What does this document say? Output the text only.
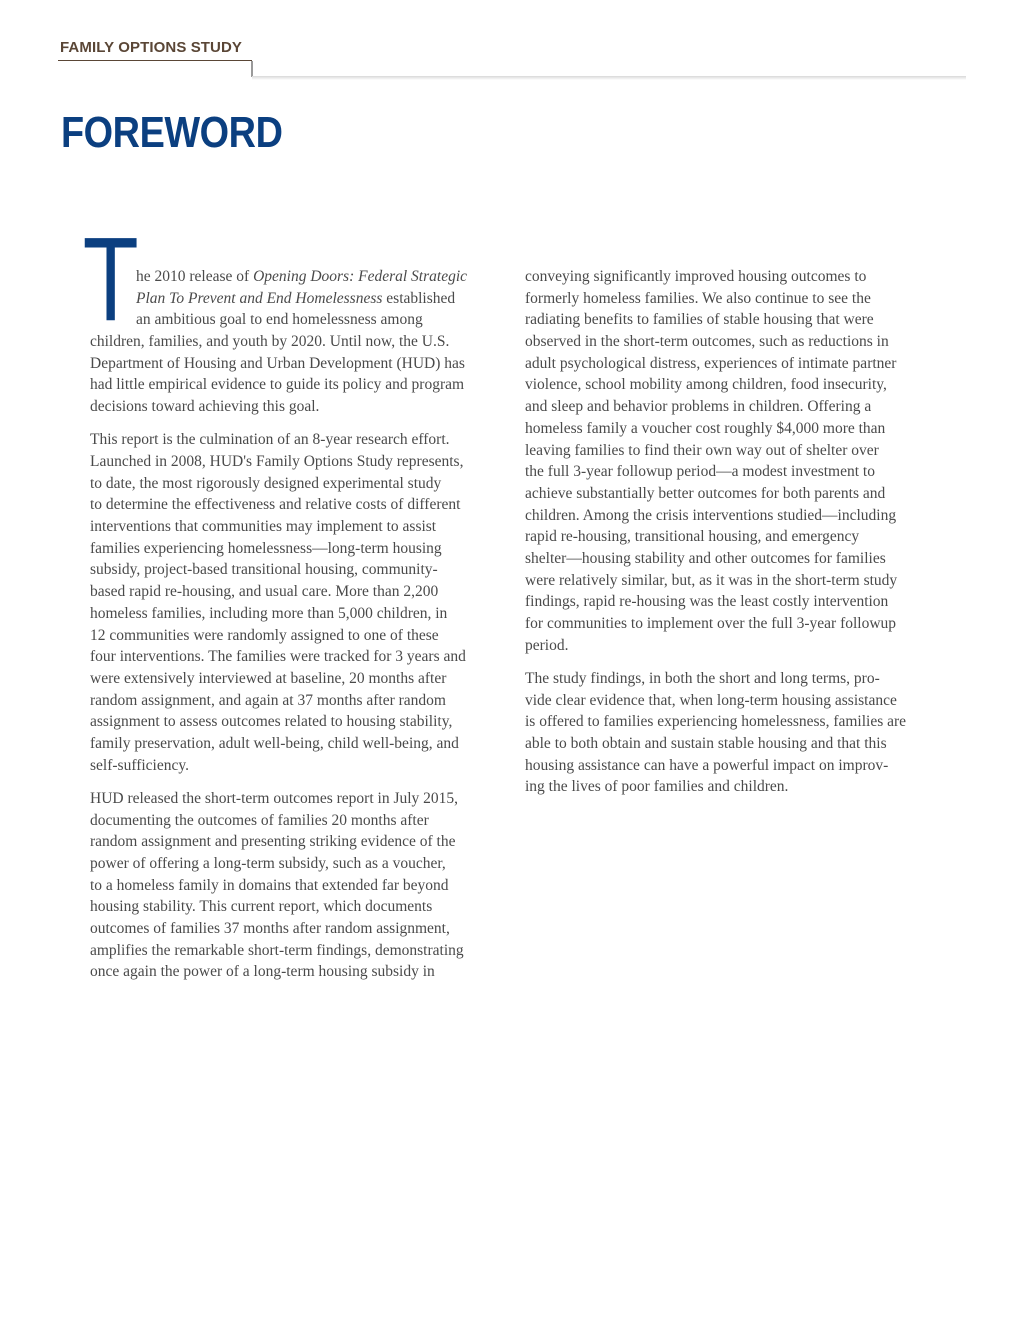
FAMILY OPTIONS STUDY
FOREWORD
T he 2010 release of Opening Doors: Federal Strategic
Plan To Prevent and End Homelessness established
an ambitious goal to end homelessness among
children, families, and youth by 2020. Until now, the U.S.
Department of Housing and Urban Development (HUD) has
had little empirical evidence to guide its policy and program
decisions toward achieving this goal.
This report is the culmination of an 8-year research effort.
Launched in 2008, HUD's Family Options Study represents,
to date, the most rigorously designed experimental study
to determine the effectiveness and relative costs of different
interventions that communities may implement to assist
families experiencing homelessness—long-term housing
subsidy, project-based transitional housing, community-
based rapid re-housing, and usual care. More than 2,200
homeless families, including more than 5,000 children, in
12 communities were randomly assigned to one of these
four interventions. The families were tracked for 3 years and
were extensively interviewed at baseline, 20 months after
random assignment, and again at 37 months after random
assignment to assess outcomes related to housing stability,
family preservation, adult well-being, child well-being, and
self-sufficiency.
HUD released the short-term outcomes report in July 2015,
documenting the outcomes of families 20 months after
random assignment and presenting striking evidence of the
power of offering a long-term subsidy, such as a voucher,
to a homeless family in domains that extended far beyond
housing stability. This current report, which documents
outcomes of families 37 months after random assignment,
amplifies the remarkable short-term findings, demonstrating
once again the power of a long-term housing subsidy in
conveying significantly improved housing outcomes to
formerly homeless families. We also continue to see the
radiating benefits to families of stable housing that were
observed in the short-term outcomes, such as reductions in
adult psychological distress, experiences of intimate partner
violence, school mobility among children, food insecurity,
and sleep and behavior problems in children. Offering a
homeless family a voucher cost roughly $4,000 more than
leaving families to find their own way out of shelter over
the full 3-year followup period—a modest investment to
achieve substantially better outcomes for both parents and
children. Among the crisis interventions studied—including
rapid re-housing, transitional housing, and emergency
shelter—housing stability and other outcomes for families
were relatively similar, but, as it was in the short-term study
findings, rapid re-housing was the least costly intervention
for communities to implement over the full 3-year followup
period.
The study findings, in both the short and long terms, pro-
vide clear evidence that, when long-term housing assistance
is offered to families experiencing homelessness, families are
able to both obtain and sustain stable housing and that this
housing assistance can have a powerful impact on improv-
ing the lives of poor families and children.
